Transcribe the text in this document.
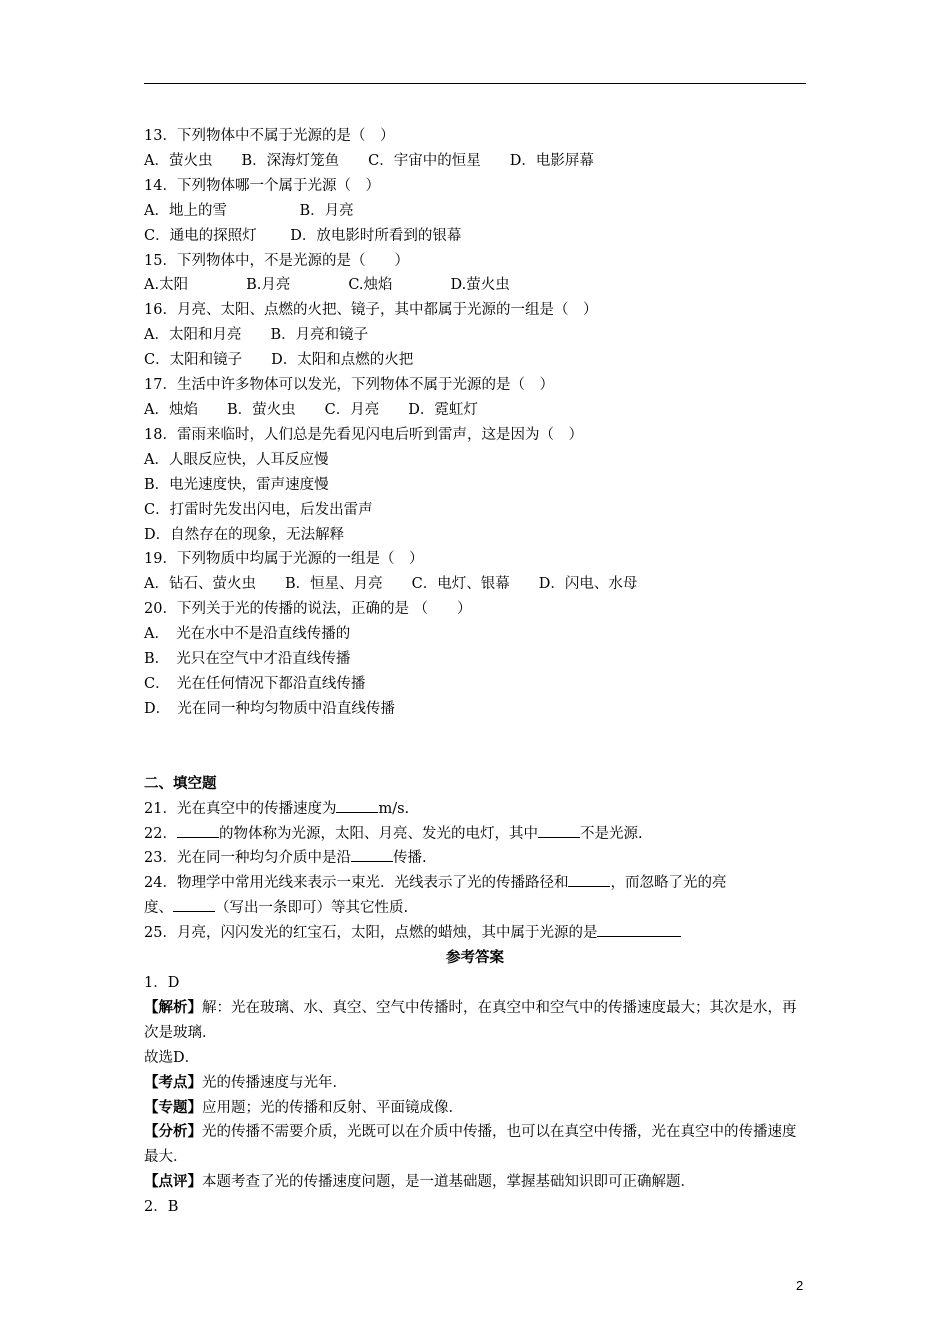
13．下列物体中不属于光源的是（　）
A．萤火虫　　B．深海灯笼鱼　　C．宇宙中的恒星　　D．电影屏幕
14．下列物体哪一个属于光源（　）
A．地上的雪　　　　　B．月亮
C．通电的探照灯　　 D．放电影时所看到的银幕
15．下列物体中，不是光源的是（　　）
A.太阳　　　　B.月亮　　　　C.烛焰　　　　D.萤火虫
16．月亮、太阳、点燃的火把、镜子，其中都属于光源的一组是（　）
A．太阳和月亮　　B．月亮和镜子
C．太阳和镜子　　D．太阳和点燃的火把
17．生活中许多物体可以发光，下列物体不属于光源的是（　）
A．烛焰　　B．萤火虫　　C．月亮　　D．霓虹灯
18．雷雨来临时，人们总是先看见闪电后听到雷声，这是因为（　）
A．人眼反应快，人耳反应慢
B．电光速度快，雷声速度慢
C．打雷时先发出闪电，后发出雷声
D．自然存在的现象，无法解释
19．下列物质中均属于光源的一组是（　）
A．钻石、萤火虫　　B．恒星、月亮　　C．电灯、银幕　　D．闪电、水母
20．下列关于光的传播的说法，正确的是 （　　）
A．　光在水中不是沿直线传播的
B．　光只在空气中才沿直线传播
C．　光在任何情况下都沿直线传播
D．　光在同一种均匀物质中沿直线传播
二、填空题
21．光在真空中的传播速度为	m/s.
22．	的物体称为光源，太阳、月亮、发光的电灯，其中	不是光源.
23．光在同一种均匀介质中是沿	传播.
24．物理学中常用光线来表示一束光．光线表示了光的传播路径和	，而忽略了光的亮
度、	（写出一条即可）等其它性质.
25．月亮，闪闪发光的红宝石，太阳，点燃的蜡烛，其中属于光源的是
参考答案
1．D
【解析】解：光在玻璃、水、真空、空气中传播时，在真空中和空气中的传播速度最大；其次是水，再次是玻璃．
故选D．
【考点】光的传播速度与光年．
【专题】应用题；光的传播和反射、平面镜成像．
【分析】光的传播不需要介质，光既可以在介质中传播，也可以在真空中传播，光在真空中的传播速度最大．
【点评】本题考查了光的传播速度问题，是一道基础题，掌握基础知识即可正确解题．
2．B
2
